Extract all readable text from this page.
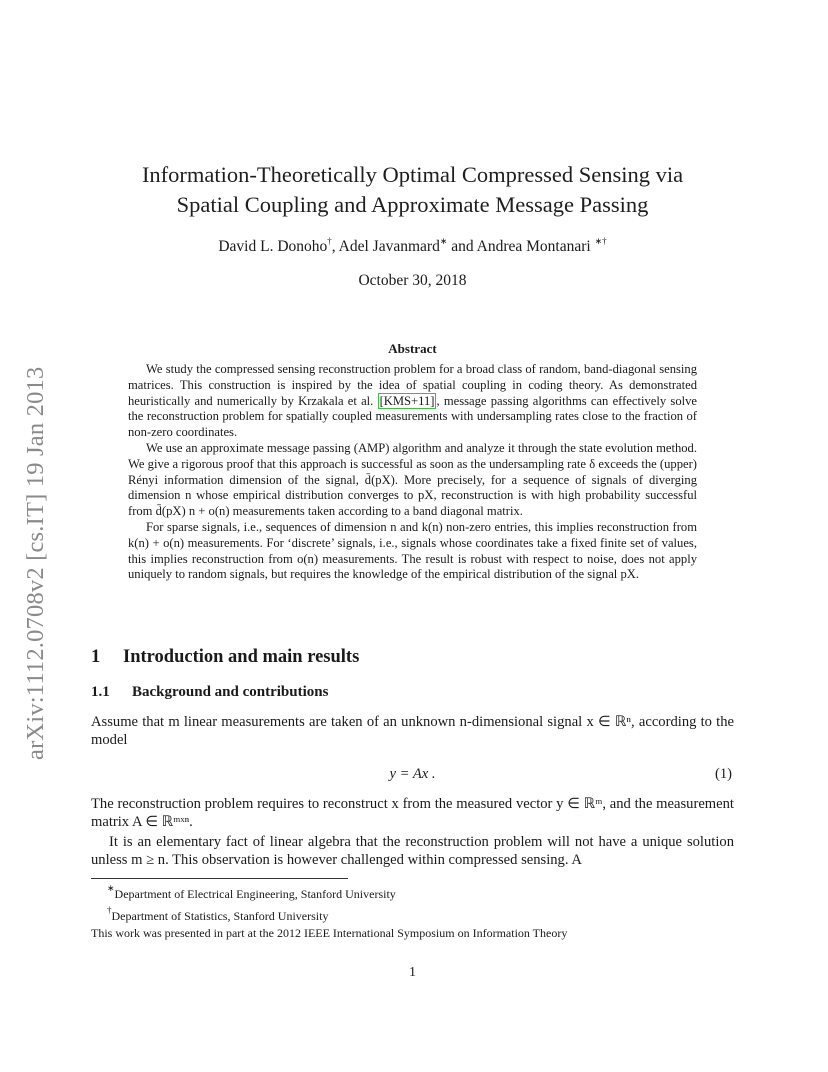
arXiv:1112.0708v2 [cs.IT] 19 Jan 2013
Information-Theoretically Optimal Compressed Sensing via
Spatial Coupling and Approximate Message Passing
David L. Donoho†, Adel Javanmard∗ and Andrea Montanari ∗†
October 30, 2018
Abstract

We study the compressed sensing reconstruction problem for a broad class of random, band-diagonal sensing matrices. This construction is inspired by the idea of spatial coupling in coding theory. As demonstrated heuristically and numerically by Krzakala et al. [KMS+11] , message passing algorithms can effectively solve the reconstruction problem for spatially coupled measurements with undersampling rates close to the fraction of non-zero coordinates.

We use an approximate message passing (AMP) algorithm and analyze it through the state evolution method. We give a rigorous proof that this approach is successful as soon as the undersampling rate δ exceeds the (upper) Rényi information dimension of the signal, d̄(pX). More precisely, for a sequence of signals of diverging dimension n whose empirical distribution converges to pX, reconstruction is with high probability successful from d̄(pX) n + o(n) measurements taken according to a band diagonal matrix.

For sparse signals, i.e., sequences of dimension n and k(n) non-zero entries, this implies reconstruction from k(n) + o(n) measurements. For ‘discrete’ signals, i.e., signals whose coordinates take a fixed finite set of values, this implies reconstruction from o(n) measurements. The result is robust with respect to noise, does not apply uniquely to random signals, but requires the knowledge of the empirical distribution of the signal pX.

1 Introduction and main results
1.1 Background and contributions

Assume that m linear measurements are taken of an unknown n-dimensional signal x ∈ ℝⁿ, according to the model

y = Ax .	(1)

The reconstruction problem requires to reconstruct x from the measured vector y ∈ ℝᵐ, and the measurement matrix A ∈ ℝᵐˣⁿ.

It is an elementary fact of linear algebra that the reconstruction problem will not have a unique solution unless m ≥ n. This observation is however challenged within compressed sensing. A

∗Department of Electrical Engineering, Stanford University
†Department of Statistics, Stanford University
This work was presented in part at the 2012 IEEE International Symposium on Information Theory
1
